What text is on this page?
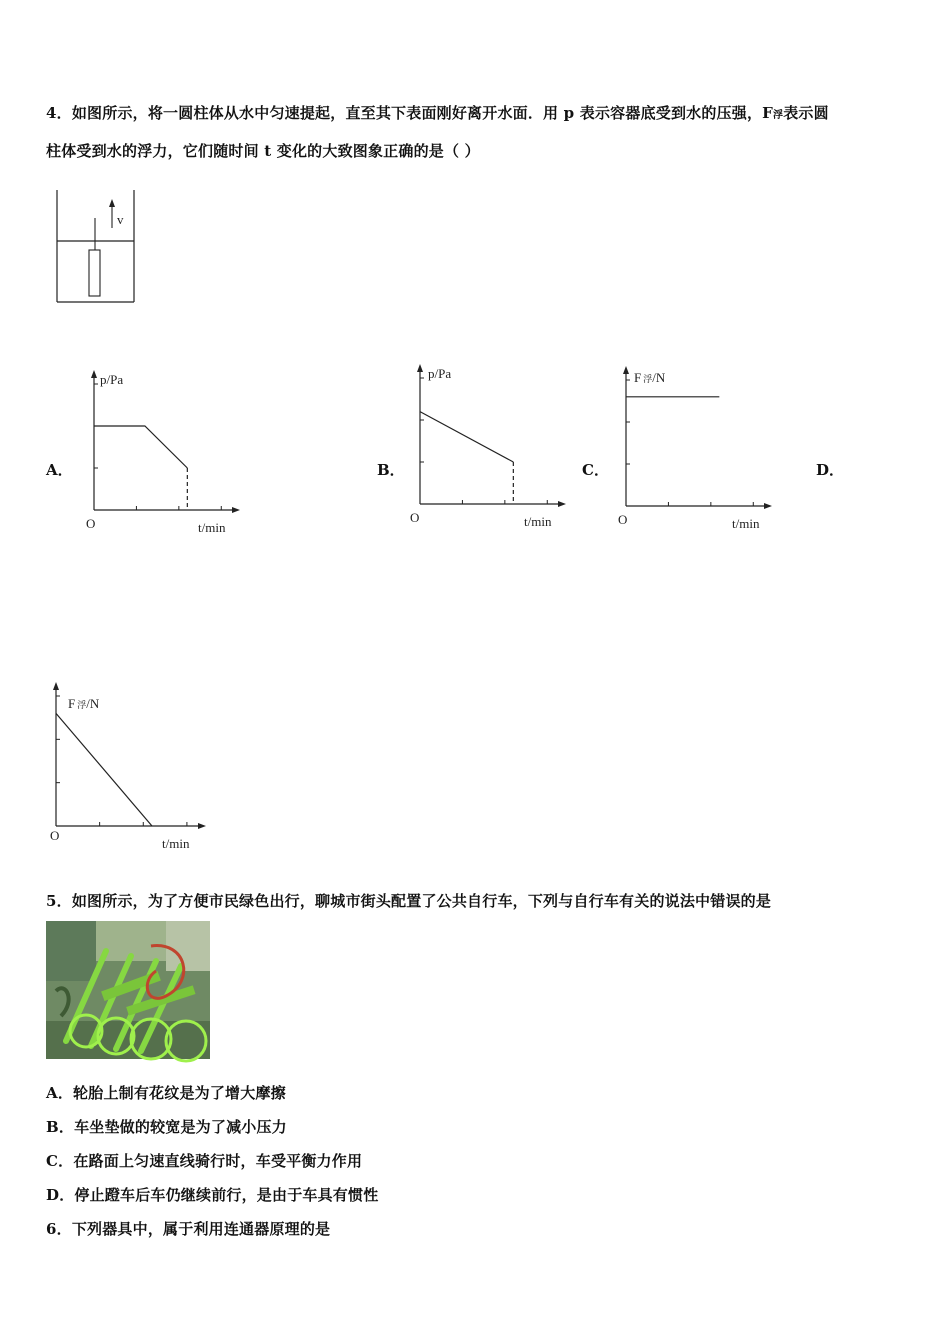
4．如图所示，将一圆柱体从水中匀速提起，直至其下表面刚好离开水面．用 p 表示容器底受到水的压强，F浮表示圆
柱体受到水的浮力，它们随时间 t 变化的大致图象正确的是（ ）
v
A．	B．	C．	D．
p/Pa
O	t/min
p/Pa
O	t/min
F 浮/N
O	t/min
F 浮/N
O
t/min
5．如图所示，为了方便市民绿色出行，聊城市街头配置了公共自行车，下列与自行车有关的说法中错误的是
A．轮胎上制有花纹是为了增大摩擦
B．车坐垫做的较宽是为了减小压力
C．在路面上匀速直线骑行时，车受平衡力作用
D．停止蹬车后车仍继续前行，是由于车具有惯性
6．下列器具中，属于利用连通器原理的是
